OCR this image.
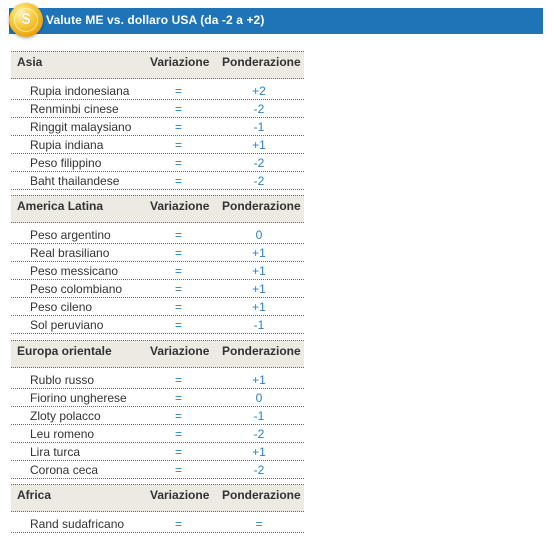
Valute ME vs. dollaro USA (da -2 a +2)
$
Asia	Variazione Ponderazione
Rupia indonesiana	=	+2
Renminbi cinese	=	-2
Ringgit malaysiano	=	-1
Rupia indiana	=	+1
Peso filippino	=	-2
Baht thailandese	=	-2
America Latina	Variazione Ponderazione
Peso argentino	=	0
Real brasiliano	=	+1
Peso messicano	=	+1
Peso colombiano	=	+1
Peso cileno	=	+1
Sol peruviano	=	-1
Europa orientale	Variazione Ponderazione
Rublo russo	=	+1
Fiorino ungherese	=	0
Zloty polacco	=	-1
Leu romeno	=	-2
Lira turca	=	+1
Corona ceca	=	-2
Africa	Variazione Ponderazione
Rand sudafricano	=	=
